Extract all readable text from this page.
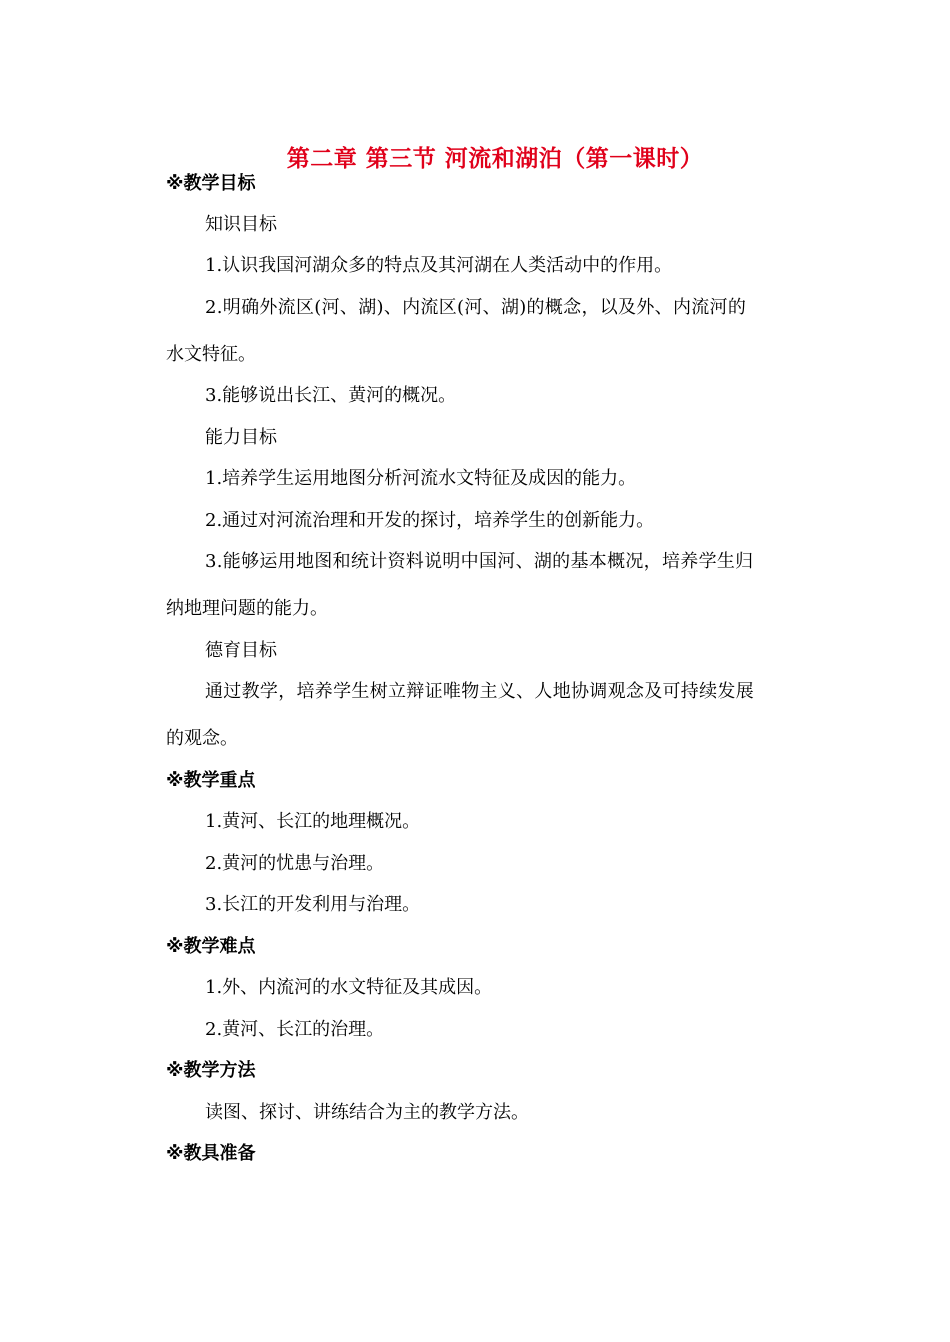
第二章 第三节 河流和湖泊（第一课时）
※教学目标
知识目标
1.认识我国河湖众多的特点及其河湖在人类活动中的作用。
2.明确外流区(河、湖)、内流区(河、湖)的概念，以及外、内流河的
水文特征。
3.能够说出长江、黄河的概况。
能力目标
1.培养学生运用地图分析河流水文特征及成因的能力。
2.通过对河流治理和开发的探讨，培养学生的创新能力。
3.能够运用地图和统计资料说明中国河、湖的基本概况，培养学生归
纳地理问题的能力。
德育目标
通过教学，培养学生树立辩证唯物主义、人地协调观念及可持续发展
的观念。
※教学重点
1.黄河、长江的地理概况。
2.黄河的忧患与治理。
3.长江的开发利用与治理。
※教学难点
1.外、内流河的水文特征及其成因。
2.黄河、长江的治理。
※教学方法
读图、探讨、讲练结合为主的教学方法。
※教具准备
